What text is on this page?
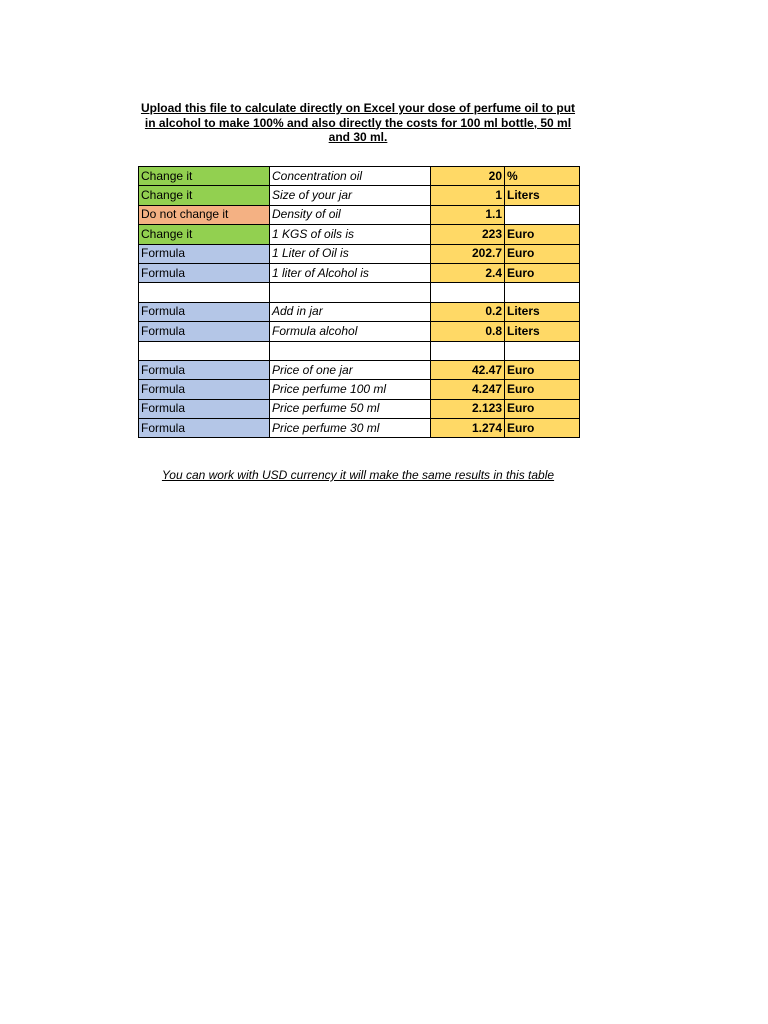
Upload this file to calculate directly on Excel your dose of perfume oil to put in alcohol to make 100% and also directly the costs for 100 ml bottle, 50 ml and 30 ml.
Change it	Concentration oil	20	%
Change it	Size of your jar	1	Liters
Do not change it	Density of oil	1.1	
Change it	1 KGS of oils is	223	Euro
Formula	1 Liter of Oil is	202.7	Euro
Formula	1 liter of Alcohol is	2.4	Euro

Formula	Add in jar	0.2	Liters
Formula	Formula alcohol	0.8	Liters

Formula	Price of one jar	42.47	Euro
Formula	Price perfume 100 ml	4.247	Euro
Formula	Price perfume 50 ml	2.123	Euro
Formula	Price perfume 30 ml	1.274	Euro
You can work with USD currency it will make the same results in this table
